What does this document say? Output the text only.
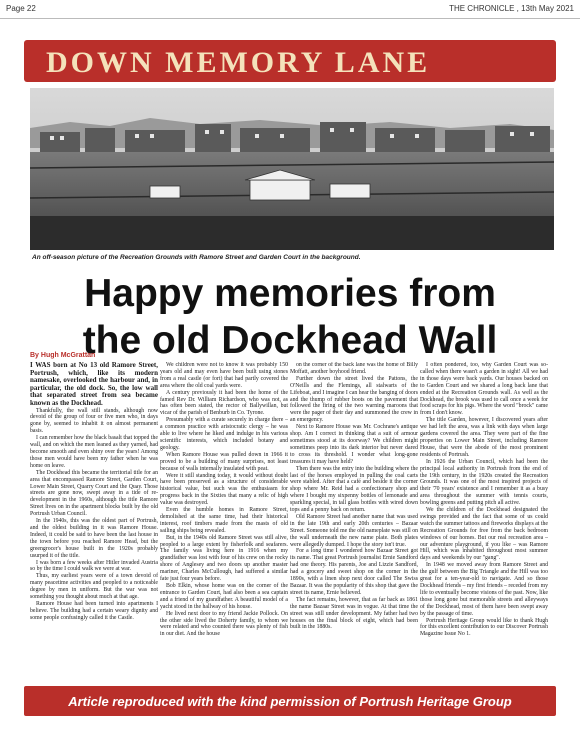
Page 22	THE CHRONICLE , 13th May 2021
DOWN MEMORY LANE
An off-season picture of the Recreation Grounds with Ramore Street and Garden Court in the background.
Happy memories from
the old Dockhead Wall
By Hugh McGrattan

I WAS born at No 13 old Ramore Street, Portrush, which, like its modern namesake, overlooked the harbour and, in particular, the old dock. So, the low wall that separated street from sea became known as the Dockhead.

Thankfully, the wall still stands, although now devoid of the group of four or five men who, in days gone by, seemed to inhabit it on almost permanent basis.

I can remember how the black basalt that topped the wall, and on which the men leaned as they yarned, had become smooth and even shiny over the years! Among those men would have been my father when he was home on leave.

The Dockhead this became the territorial title for an area that encompassed Ramore Street, Garden Court, Lower Main Street, Quarry Court and the Quay. Those streets are gone now, swept away in a tide of re-development in the 1960s, although the title Ramore Street lives on in the apartment blocks built by the old Portrush Urban Council.

In the 1940s, this was the oldest part of Portrush, and the oldest building in it was Ramore House. Indeed, it could be said to have been the last house in the town before you reached Ramore Head, but the greengrocer's house built in the 1920s probably usurped it of the title.

I was born a few weeks after Hitler invaded Austria so by the time I could walk we were at war.

Thus, my earliest years were of a town devoid of many peacetime activities and peopled to a noticeable degree by men in uniform. But the war was not something you thought about much at that age.

Ramore House had been turned into apartments I believe. The building had a certain weary dignity and some people confusingly called it the Castle.

We children were not to know it was probably 150 years old and may even have been built using stones from a real castle (or fort) that had partly covered the area where the old coal yards were.

A century previously it had been the home of the famed Rev Dr. William Richardson, who was not, as has often been stated, the rector of Ballywillan, but vicar of the parish of Benburb in Co. Tyrone.

Presumably with a curate securely in charge there – a common practice with aristocratic clergy – he was able to live where he liked and indulge in his various scientific interests, which included botany and geology.

When Ramore House was pulled down in 1966 it proved to be a building of many surprises, not least because of walls internally insulated with peat.

Were it still standing today, it would without doubt have been preserved as a structure of considerable historical value, but such was the enthusiasm for progress back in the Sixties that many a relic of high value was destroyed.

Even the humble homes in Ramore Street, demolished at the same time, had their historical interest, roof timbers made from the masts of old sailing ships being revealed.

But, in the 1940s old Ramore Street was still alive, peopled to a large extent by fisherfolk and seafarers. The family was living here in 1916 when my grandfather was lost with four of his crew on the rocky shore of Anglesey and two doors up another master mariner, Charles McCullough, had suffered a similar fate just four years before.

Bob Elkin, whose home was on the corner of the entrance to Garden Court, had also been a sea captain and a friend of my grandfather. A beautiful model of a yacht stood in the hallway of his house.

He lived next door to my friend Jackie Pollock. On the other side lived the Doherty family, to whom we were related and who counted there was plenty of fish in our diet. And the house

on the corner of the back lane was the home of Billy Moffatt, another boyhood friend.

Further down the street lived the Pattons, the O'Neills and the Flemings, all stalwarts of the Lifeboat, and I imagine I can hear the banging of doors and the thump of rubber boots on the pavement that followed the firing of the two warning maroons that were the pager of their day and summoned the crew in an emergency.

Next to Ramore House was Mr. Cochrane's antique shop. Am I correct in thinking that a suit of armour sometimes stood at its doorway? We children might sometimes peep into its dark interior but never dared to cross its threshold. I wonder what long-gone treasures it may have held?

Then there was the entry into the building where the last of the horses employed in pulling the coal carts were stabled. After that a café and beside it the corner shop where Mr. Reid had a confectionary shop and where I bought my sixpenny bottles of lemonade and sparkling special, in tall glass bottles with wired down tops and a penny back on return.

Old Ramore Street had another name that was used in the late 19th and early 20th centuries – Bazaar Street. Someone told me the old nameplate was still on the wall underneath the new name plate. Both plates were allegedly dumped. I hope the story isn't true.

For a long time I wondered how Bazaar Street got its name. That great Portrush journalist Ernie Sandford had one theory. His parents, Joe and Lizzie Sandford, had a grocery and sweet shop on the corner in the 1890s, with a linen shop next door called The Swiss Bazaar. It was the popularity of this shop that gave the street its name, Ernie believed.

The fact remains, however, that as far back as 1861 the name Bazaar Street was in vogue. At that time the street was still under development. My father had two houses on the final block of eight, which had been built in the 1880s.

I often pondered, too, why Garden Court was so-called when there wasn't a garden in sight! All we had in those days were back yards. Our houses backed on to Garden Court and we shared a long back lane that ended at the Recreation Grounds wall. As well as the Dockhead, the brook was used to call once a week for food scraps for his pigs. Where the word "brock" came from I don't know.

The title Garden, however, I discovered years after we had left the area, was a link with days when large gardens covered the area. They were part of the fine properties on Lower Main Street, including Ramore House, that were the abode of the most prominent residents of Portrush.

In 1926 the Urban Council, which had been the principal local authority in Portrush from the end of the 19th century, in the 1920s created the Recreation Grounds. It was one of the most inspired projects of their '70 years' existence and I remember it as a busy area throughout the summer with tennis courts, bowling greens and putting pitch all active.

We the children of the Dockhead designated the swings provided and the fact that some of us could watch the summer tattoos and fireworks displays at the Recreation Grounds for free from the back bedroom windows of our homes. But our real recreation area – our adventure playground, if you like – was Ramore Hill, which was inhabited throughout most summer days and weekends by our "gang".

In 1948 we moved away from Ramore Street and the gulf between the Big Triangle and the Hill was too great for a ten-year-old to navigate. And so those Dockhead friends – my first friends – receded from my life to eventually become visions of the past. Now, like those long gone but memorable streets and alleyways of the Dockhead, most of them have been swept away by the passage of time.

Portrush Heritage Group would like to thank Hugh for this excellent contribution to our Discover Portrush Magazine Issue No 1.

Article reproduced with the kind permission of Portrush Heritage Group
